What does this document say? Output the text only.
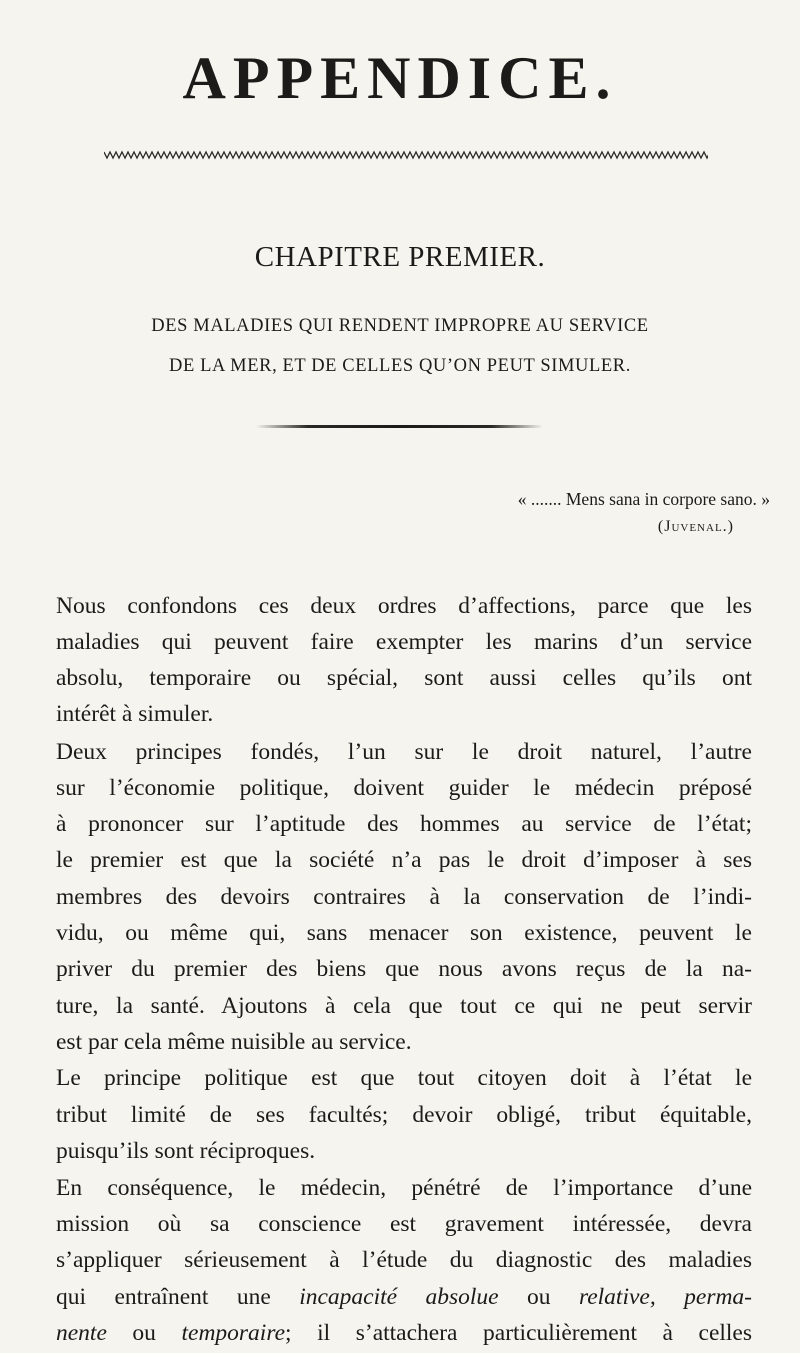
APPENDICE.
CHAPITRE PREMIER.
DES MALADIES QUI RENDENT IMPROPRE AU SERVICE
DE LA MER, ET DE CELLES QU’ON PEUT SIMULER.
« ....... Mens sana in corpore sano. »
(Juvenal.)
Nous confondons ces deux ordres d’affections, parce que les
maladies qui peuvent faire exempter les marins d’un service
absolu, temporaire ou spécial, sont aussi celles qu’ils ont
intérêt à simuler.
Deux principes fondés, l’un sur le droit naturel, l’autre
sur l’économie politique, doivent guider le médecin préposé
à prononcer sur l’aptitude des hommes au service de l’état;
le premier est que la société n’a pas le droit d’imposer à ses
membres des devoirs contraires à la conservation de l’indi-
vidu, ou même qui, sans menacer son existence, peuvent le
priver du premier des biens que nous avons reçus de la na-
ture, la santé. Ajoutons à cela que tout ce qui ne peut servir
est par cela même nuisible au service.
Le principe politique est que tout citoyen doit à l’état le
tribut limité de ses facultés; devoir obligé, tribut équitable,
puisqu’ils sont réciproques.
En conséquence, le médecin, pénétré de l’importance d’une
mission où sa conscience est gravement intéressée, devra
s’appliquer sérieusement à l’étude du diagnostic des maladies
qui entraînent une incapacité absolue ou relative, perma-
nente ou temporaire; il s’attachera particulièrement à celles
